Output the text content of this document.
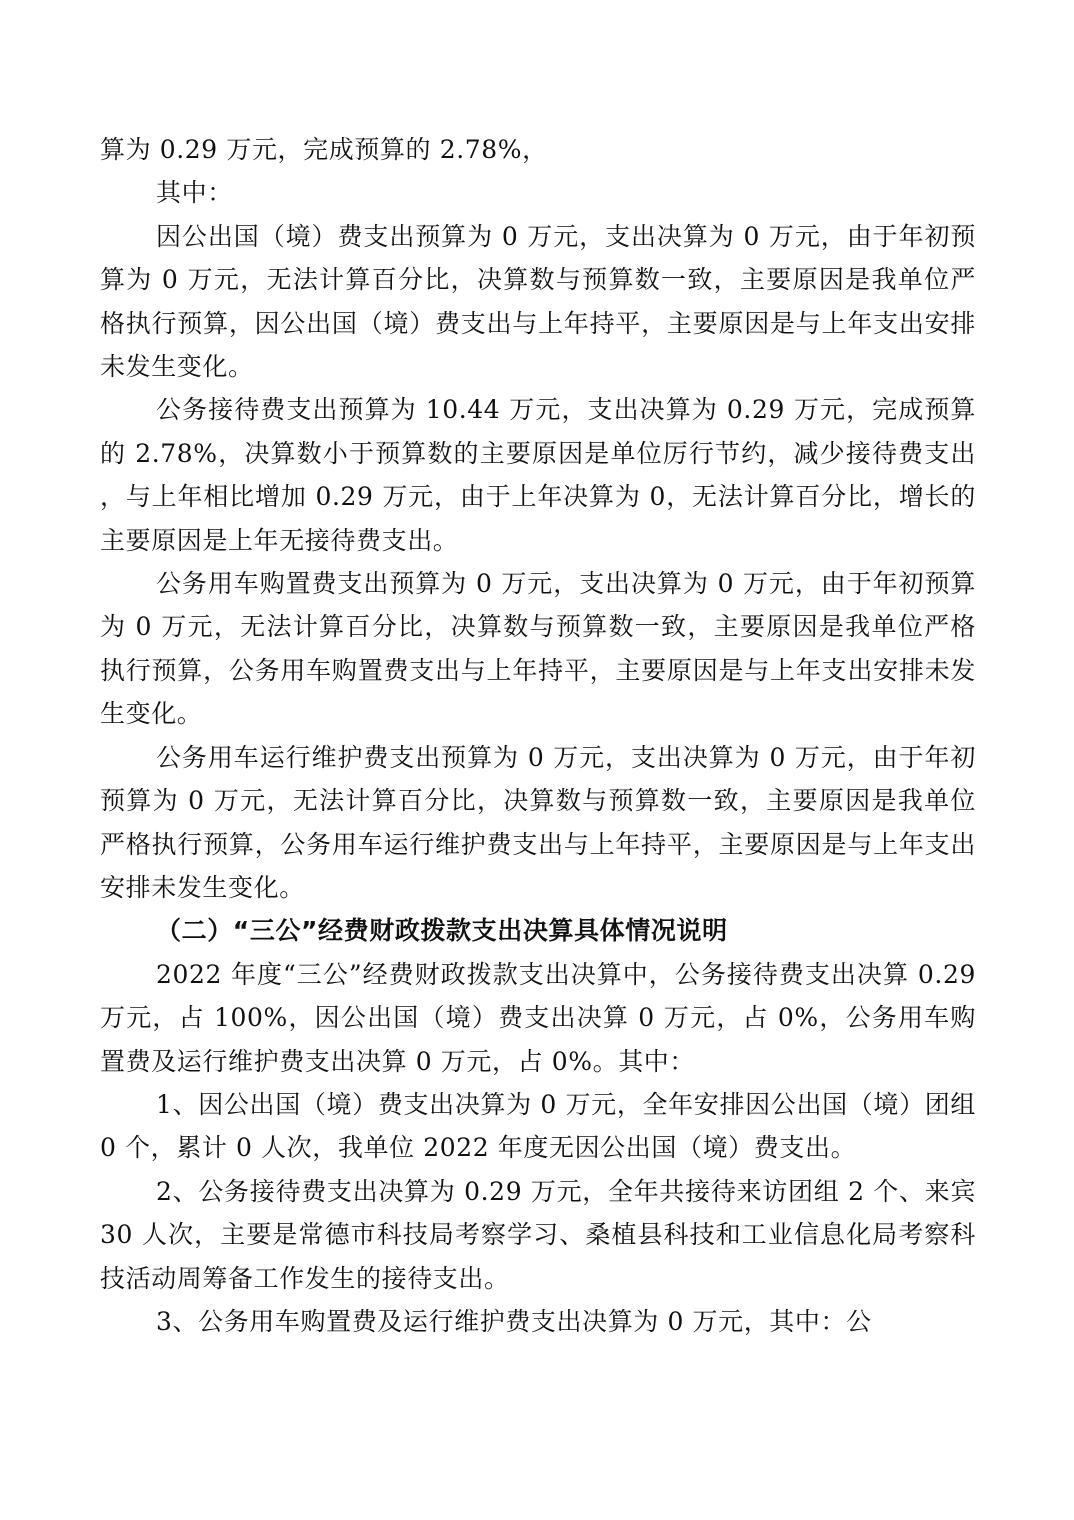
算为 0.29 万元，完成预算的 2.78%，

其中：

因公出国（境）费支出预算为 0 万元，支出决算为 0 万元，由于年初预算为 0 万元，无法计算百分比，决算数与预算数一致，主要原因是我单位严格执行预算，因公出国（境）费支出与上年持平，主要原因是与上年支出安排未发生变化。

公务接待费支出预算为 10.44 万元，支出决算为 0.29 万元，完成预算的 2.78%，决算数小于预算数的主要原因是单位厉行节约，减少接待费支出 ，与上年相比增加 0.29 万元，由于上年决算为 0，无法计算百分比，增长的主要原因是上年无接待费支出。

公务用车购置费支出预算为 0 万元，支出决算为 0 万元，由于年初预算为 0 万元，无法计算百分比，决算数与预算数一致，主要原因是我单位严格执行预算，公务用车购置费支出与上年持平，主要原因是与上年支出安排未发生变化。

公务用车运行维护费支出预算为 0 万元，支出决算为 0 万元，由于年初预算为 0 万元，无法计算百分比，决算数与预算数一致，主要原因是我单位严格执行预算，公务用车运行维护费支出与上年持平，主要原因是与上年支出安排未发生变化。

（二）“三公”经费财政拨款支出决算具体情况说明

2022 年度“三公”经费财政拨款支出决算中，公务接待费支出决算 0.29 万元，占 100%，因公出国（境）费支出决算 0 万元，占 0%，公务用车购置费及运行维护费支出决算 0 万元，占 0%。其中：

1、因公出国（境）费支出决算为 0 万元，全年安排因公出国（境）团组 0 个，累计 0 人次，我单位 2022 年度无因公出国（境）费支出。

2、公务接待费支出决算为 0.29 万元，全年共接待来访团组 2 个、来宾 30 人次，主要是常德市科技局考察学习、桑植县科技和工业信息化局考察科技活动周筹备工作发生的接待支出。

3、公务用车购置费及运行维护费支出决算为 0 万元，其中：公
